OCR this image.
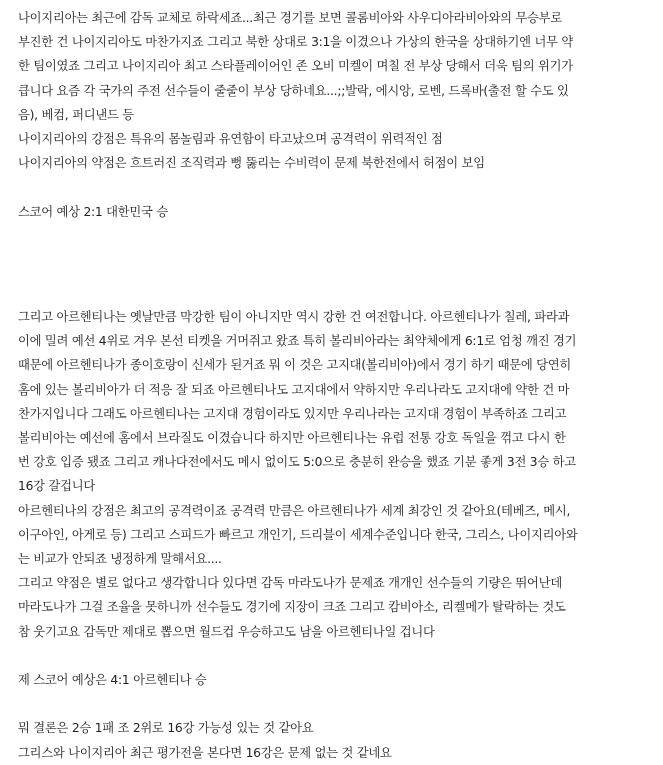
나이지리아는 최근에 감독 교체로 하락세죠...최근 경기를 보면 콜롬비아와 사우디아라비아와의 무승부로
부진한 건 나이지리아도 마찬가지죠 그리고 북한 상대로 3:1을 이겼으나 가상의 한국을 상대하기엔 너무 약
한 팀이였죠 그리고 나이지리아 최고 스타플레이어인 존 오비 미켈이 며칠 전 부상 당해서 더욱 팀의 위기가
큽니다 요즘 각 국가의 주전 선수들이 줄줄이 부상 당하네요...;;발락, 에시앙, 로벤, 드록바(출전 할 수도 있
음), 베컴, 퍼디낸드 등
나이지리아의 강점은 특유의 몸놀림과 유연함이 타고났으며 공격력이 위력적인 점
나이지리아의 약점은 흐트러진 조직력과 뻥 뚫리는 수비력이 문제 북한전에서 허점이 보임
스코어 예상 2:1 대한민국 승
그리고 아르헨티나는 옛날만큼 막강한 팀이 아니지만 역시 강한 건 여전합니다. 아르헨티나가 칠레, 파라과
이에 밀려 예선 4위로 겨우 본선 티켓을 거머쥐고 왔죠 특히 볼리비아라는 최약체에게 6:1로 엄청 깨진 경기
때문에 아르헨티나가 종이호랑이 신세가 된거죠 뭐 이 것은 고지대(볼리비아)에서 경기 하기 때문에 당연히
홈에 있는 볼리비아가 더 적응 잘 되죠 아르헨티나도 고지대에서 약하지만 우리나라도 고지대에 약한 건 마
찬가지입니다 그래도 아르헨티나는 고지대 경험이라도 있지만 우리나라는 고지대 경험이 부족하죠 그리고
볼리비아는 예선에 홈에서 브라질도 이겼습니다 하지만 아르헨티나는 유럽 전통 강호 독일을 꺾고 다시 한
번 강호 입증 됐죠 그리고 캐나다전에서도 메시 없이도 5:0으로 충분히 완승을 했죠 기분 좋게 3전 3승 하고
16강 갈겁니다
아르헨티나의 강점은 최고의 공격력이죠 공격력 만큼은 아르헨티나가 세계 최강인 것 같아요(테베즈, 메시,
이구아인, 아게로 등) 그리고 스피드가 빠르고 개인기, 드리블이 세계수준입니다 한국, 그리스, 나이지리아와
는 비교가 안되죠 냉정하게 말해서요....
그리고 약점은 별로 없다고 생각합니다 있다면 감독 마라도나가 문제죠 개개인 선수들의 기량은 뛰어난데
마라도나가 그걸 조율을 못하니까 선수들도 경기에 지장이 크죠 그리고 캄비아소, 리켈메가 탈락하는 것도
참 웃기고요 감독만 제대로 뽑으면 월드컵 우승하고도 남을 아르헨티나일 겁니다
제 스코어 예상은 4:1 아르헨티나 승
뭐 결론은 2승 1패 조 2위로 16강 가능성 있는 것 같아요
그리스와 나이지리아 최근 평가전을 본다면 16강은 문제 없는 것 같네요
